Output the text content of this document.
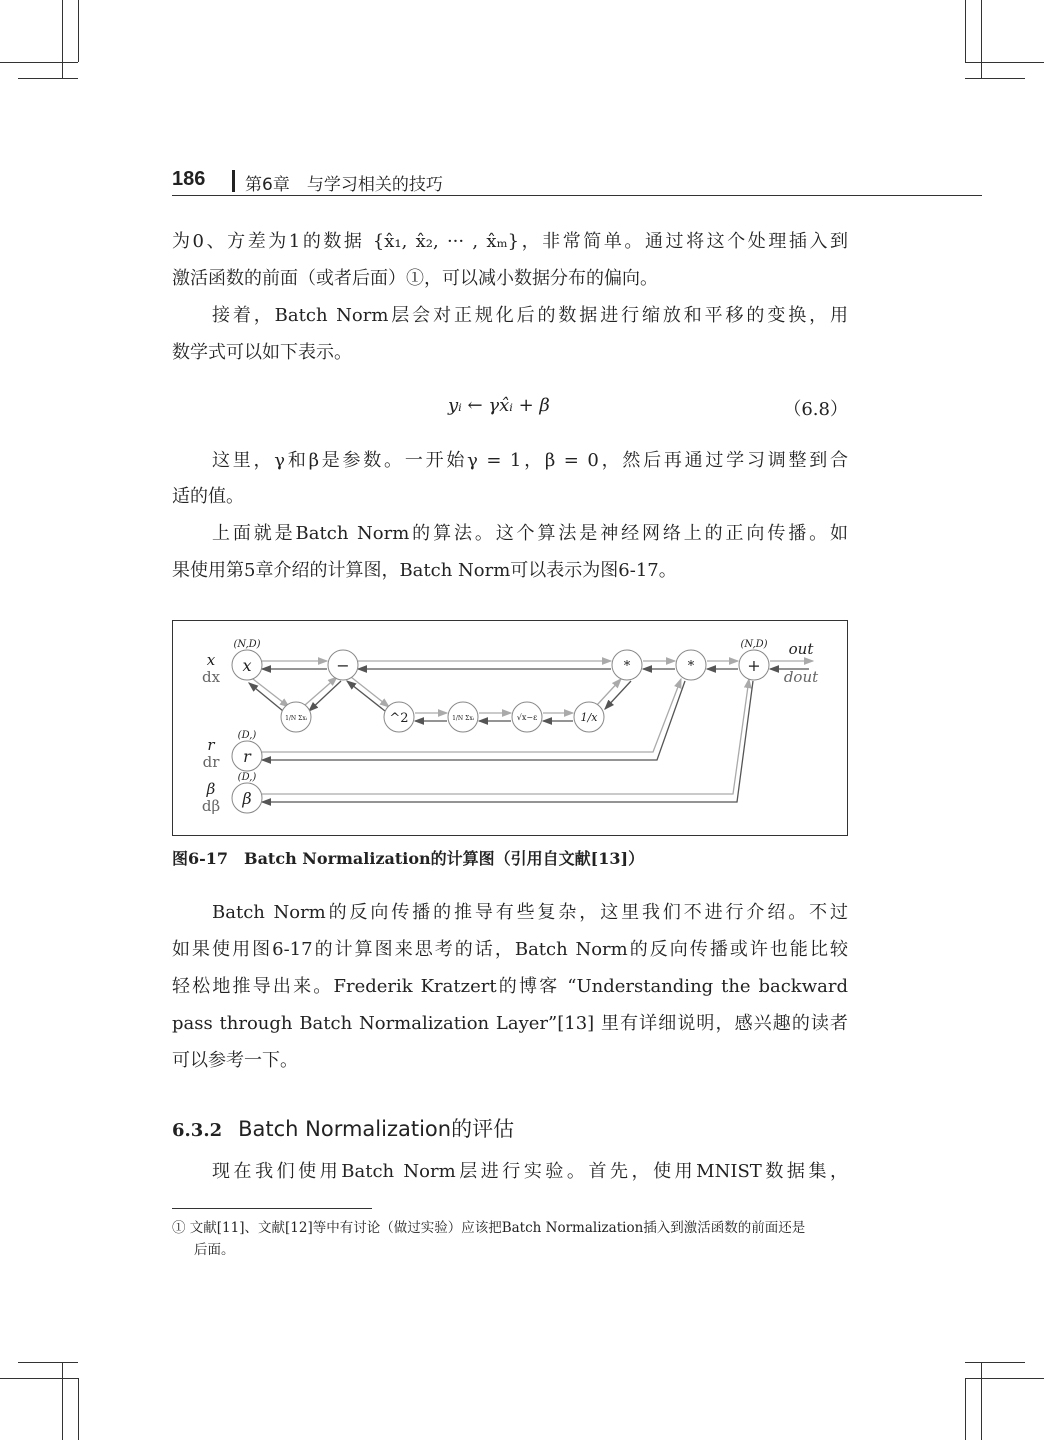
186 第6章　与学习相关的技巧
为0、方差为1的数据 {x̂₁, x̂₂, ··· , x̂ₘ}，非常简单。通过将这个处理插入到
激活函数的前面（或者后面）①，可以减小数据分布的偏向。
接着，Batch Norm层会对正规化后的数据进行缩放和平移的变换，用
数学式可以如下表示。
yᵢ ← γx̂ᵢ + β	（6.8）
这里，γ和β是参数。一开始γ = 1，β = 0，然后再通过学习调整到合
适的值。
上面就是Batch Norm的算法。这个算法是神经网络上的正向传播。如
果使用第5章介绍的计算图，Batch Norm可以表示为图6-17。
x	−
1/N Σxᵢ	^2	1/N Σxᵢ	√x−ε	1/x
*	*	+
r
β
(N,D)
(D,)
(D,)
(N,D)
x
dx
r
dr
β
dβ
out
dout
图6-17　Batch Normalization的计算图（引用自文献[13]）
Batch Norm的反向传播的推导有些复杂，这里我们不进行介绍。不过
如果使用图6-17的计算图来思考的话，Batch Norm的反向传播或许也能比较
轻松地推导出来。Frederik Kratzert的博客 “Understanding the backward
pass through Batch Normalization Layer”[13] 里有详细说明，感兴趣的读者
可以参考一下。
6.3.2 Batch Normalization的评估
现在我们使用Batch Norm层进行实验。首先，使用MNIST数据集，
① 文献[11]、文献[12]等中有讨论（做过实验）应该把Batch Normalization插入到激活函数的前面还是
后面。
